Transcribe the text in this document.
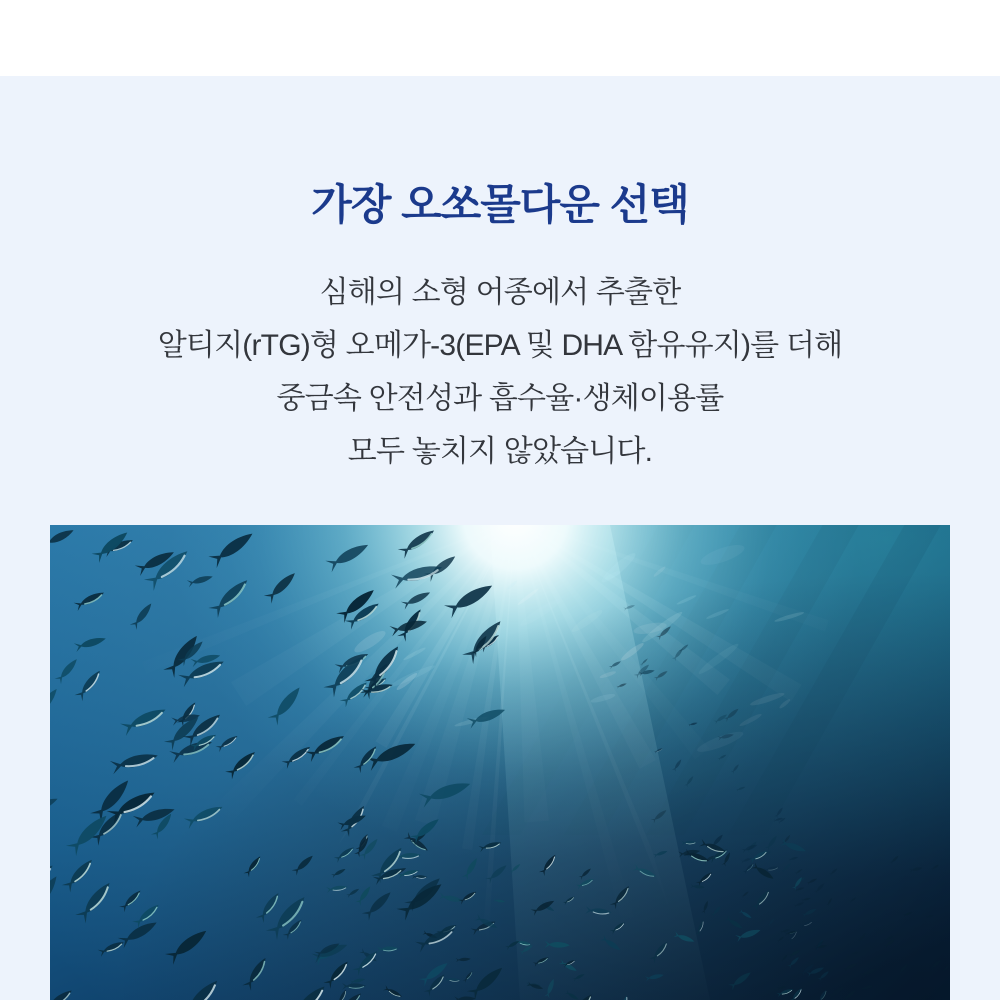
가장 오쏘몰다운 선택

심해의 소형 어종에서 추출한
알티지(rTG)형 오메가-3(EPA 및 DHA 함유유지)를 더해
중금속 안전성과 흡수율·생체이용률
모두 놓치지 않았습니다.
